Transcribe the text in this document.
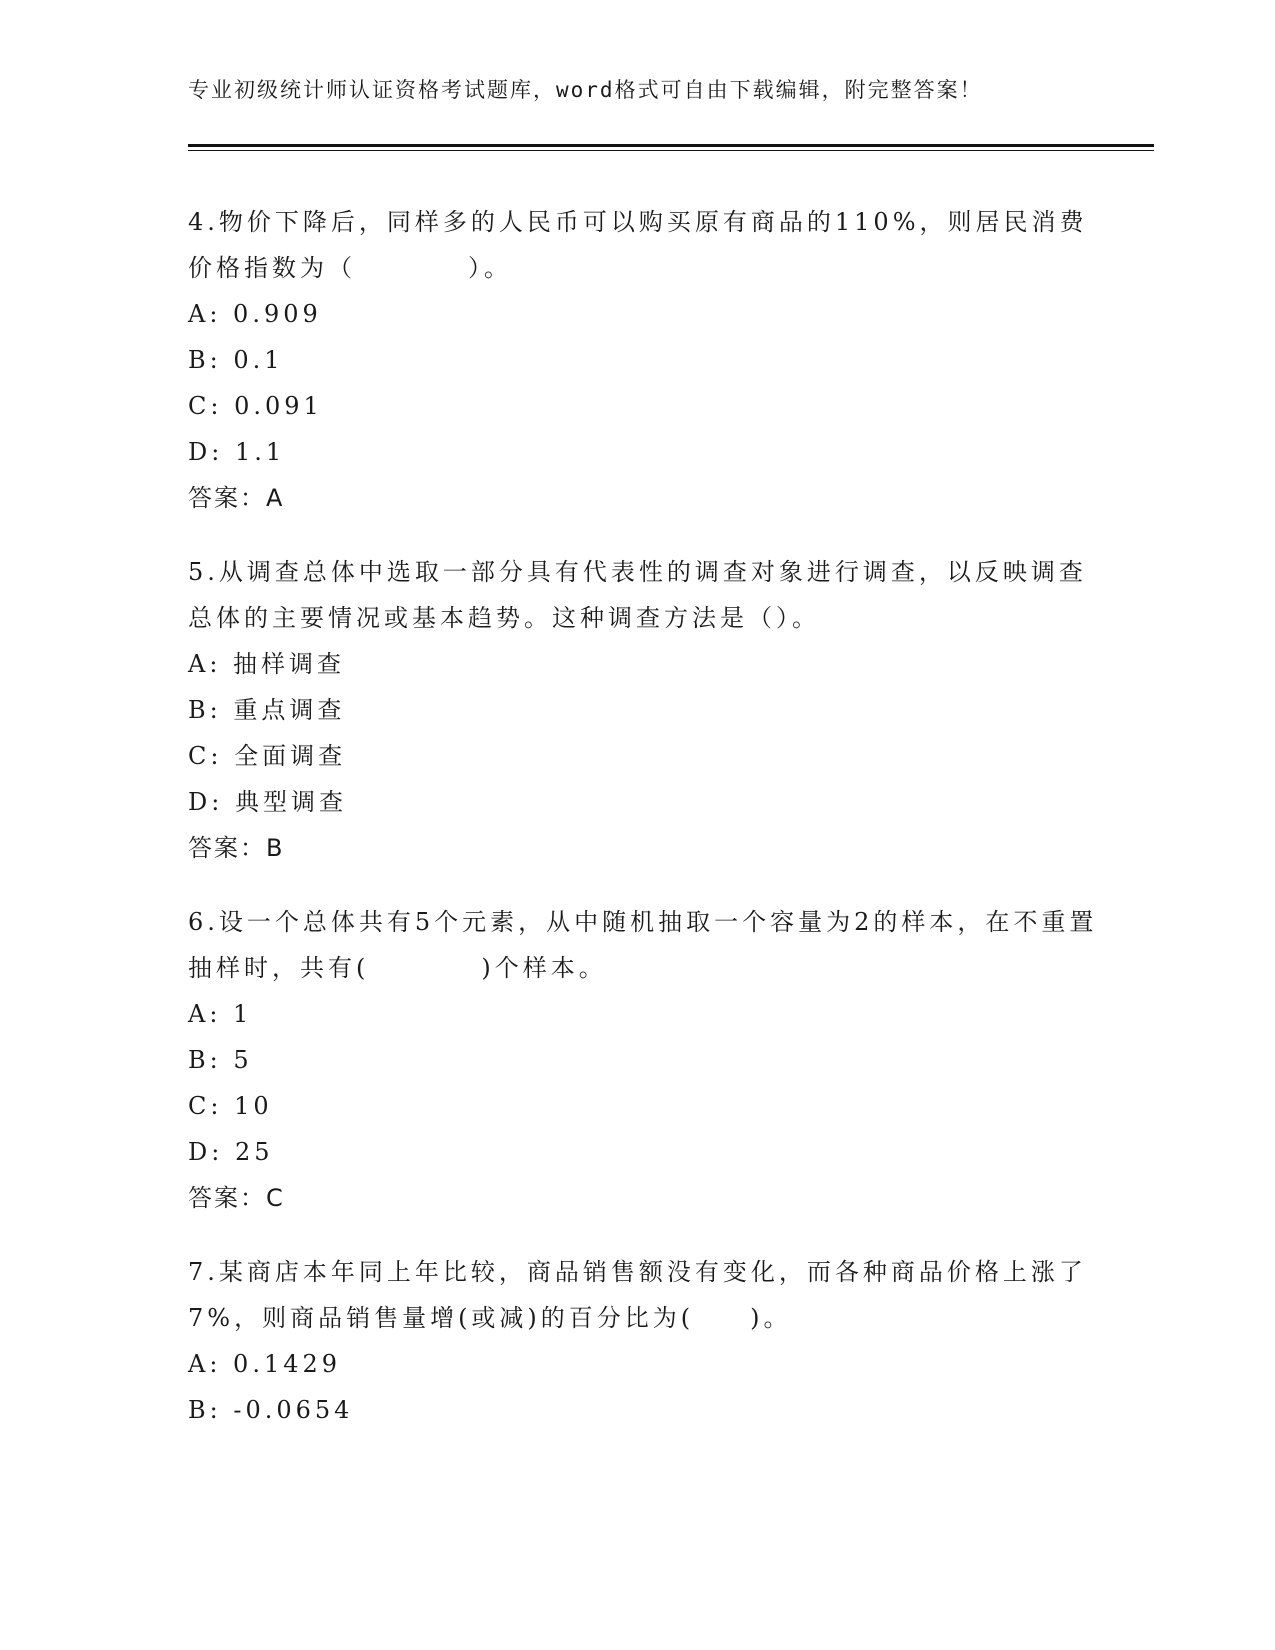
专业初级统计师认证资格考试题库，word格式可自由下载编辑，附完整答案！
4.物价下降后，同样多的人民币可以购买原有商品的110%，则居民消费价格指数为（　　　　）。
A: 0.909
B: 0.1
C: 0.091
D: 1.1
答案：A
5.从调查总体中选取一部分具有代表性的调查对象进行调查，以反映调查总体的主要情况或基本趋势。这种调查方法是（）。
A: 抽样调查
B: 重点调查
C: 全面调查
D: 典型调查
答案：B
6.设一个总体共有5个元素，从中随机抽取一个容量为2的样本，在不重置抽样时，共有(　　　　)个样本。
A: 1
B: 5
C: 10
D: 25
答案：C
7.某商店本年同上年比较，商品销售额没有变化，而各种商品价格上涨了7%，则商品销售量增(或减)的百分比为(　　)。
A: 0.1429
B: -0.0654
